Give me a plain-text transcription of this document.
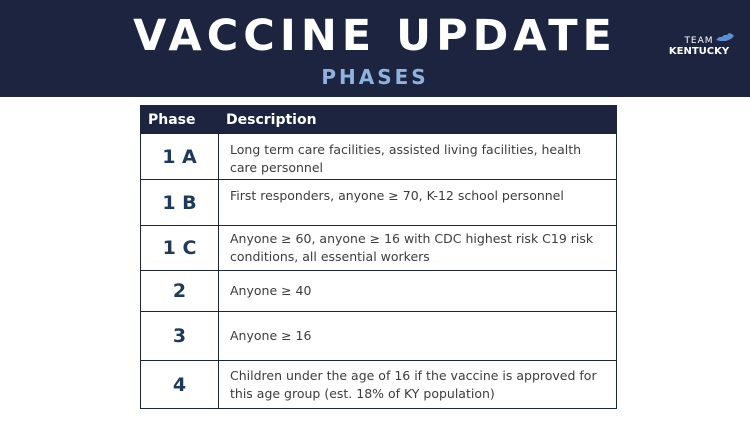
VACCINE UPDATE
PHASES
TEAM
KENTUCKY
Phase	Description
1 A	Long term care facilities, assisted living facilities, health care personnel
1 B	First responders, anyone ≥ 70, K-12 school personnel
1 C	Anyone ≥ 60, anyone ≥ 16 with CDC highest risk C19 risk conditions, all essential workers
2	Anyone ≥ 40
3	Anyone ≥ 16
4	Children under the age of 16 if the vaccine is approved for this age group (est. 18% of KY population)
